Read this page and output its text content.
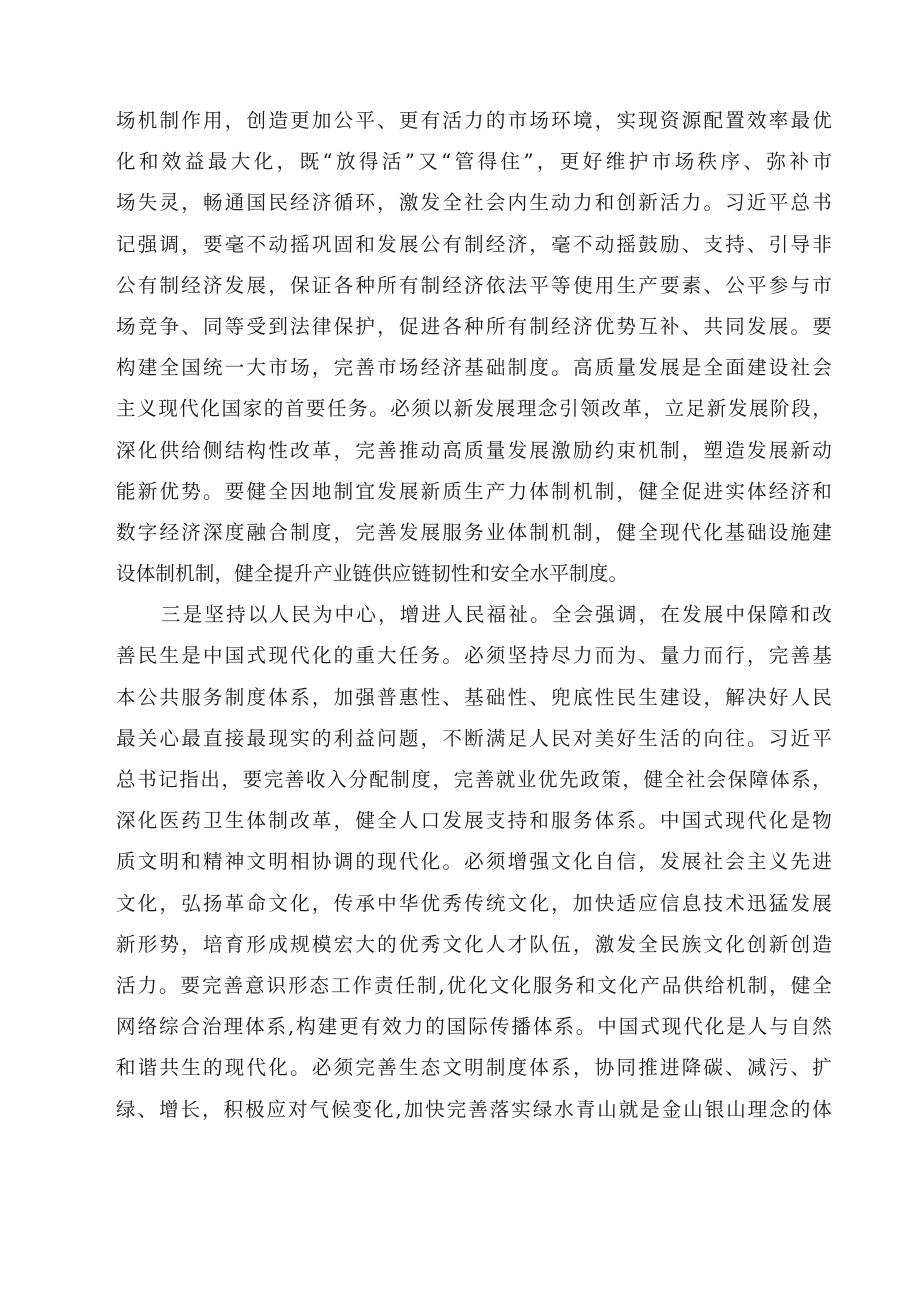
场机制作用，创造更加公平、更有活力的市场环境，实现资源配置效率最优
化和效益最大化，既“放得活”又“管得住”，更好维护市场秩序、弥补市
场失灵，畅通国民经济循环，激发全社会内生动力和创新活力。习近平总书
记强调，要毫不动摇巩固和发展公有制经济，毫不动摇鼓励、支持、引导非
公有制经济发展，保证各种所有制经济依法平等使用生产要素、公平参与市
场竞争、同等受到法律保护，促进各种所有制经济优势互补、共同发展。要
构建全国统一大市场，完善市场经济基础制度。高质量发展是全面建设社会
主义现代化国家的首要任务。必须以新发展理念引领改革，立足新发展阶段，
深化供给侧结构性改革，完善推动高质量发展激励约束机制，塑造发展新动
能新优势。要健全因地制宜发展新质生产力体制机制，健全促进实体经济和
数字经济深度融合制度，完善发展服务业体制机制，健全现代化基础设施建
设体制机制，健全提升产业链供应链韧性和安全水平制度。
三是坚持以人民为中心，增进人民福祉。全会强调，在发展中保障和改
善民生是中国式现代化的重大任务。必须坚持尽力而为、量力而行，完善基
本公共服务制度体系，加强普惠性、基础性、兜底性民生建设，解决好人民
最关心最直接最现实的利益问题，不断满足人民对美好生活的向往。习近平
总书记指出，要完善收入分配制度，完善就业优先政策，健全社会保障体系，
深化医药卫生体制改革，健全人口发展支持和服务体系。中国式现代化是物
质文明和精神文明相协调的现代化。必须增强文化自信，发展社会主义先进
文化，弘扬革命文化，传承中华优秀传统文化，加快适应信息技术迅猛发展
新形势，培育形成规模宏大的优秀文化人才队伍，激发全民族文化创新创造
活力。要完善意识形态工作责任制,优化文化服务和文化产品供给机制，健全
网络综合治理体系,构建更有效力的国际传播体系。中国式现代化是人与自然
和谐共生的现代化。必须完善生态文明制度体系，协同推进降碳、减污、扩
绿、增长，积极应对气候变化,加快完善落实绿水青山就是金山银山理念的体
